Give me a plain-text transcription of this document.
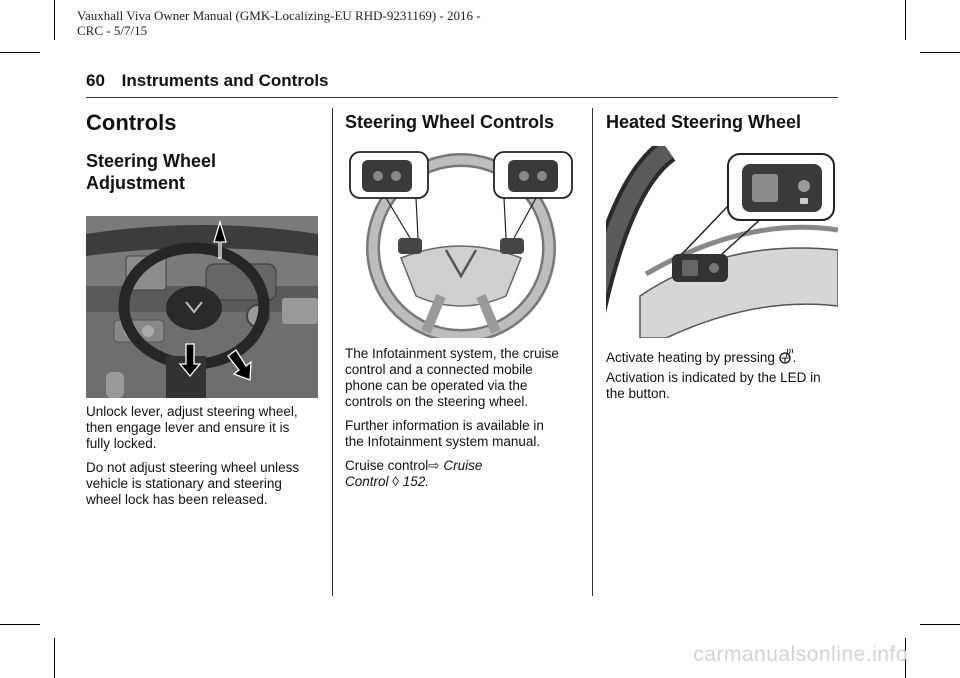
Vauxhall Viva Owner Manual (GMK-Localizing-EU RHD-9231169) - 2016 -
CRC - 5/7/15
60 Instruments and Controls
Controls
Steering Wheel
Adjustment

Unlock lever, adjust steering wheel,
then engage lever and ensure it is
fully locked.

Do not adjust steering wheel unless
vehicle is stationary and steering
wheel lock has been released.

Steering Wheel Controls

The Infotainment system, the cruise
control and a connected mobile
phone can be operated via the
controls on the steering wheel.

Further information is available in
the Infotainment system manual.

Cruise control⇨ Cruise
Control ◊ 152.

Heated Steering Wheel

Activate heating by pressing .

Activation is indicated by the LED in
the button.

carmanualsonline.info
